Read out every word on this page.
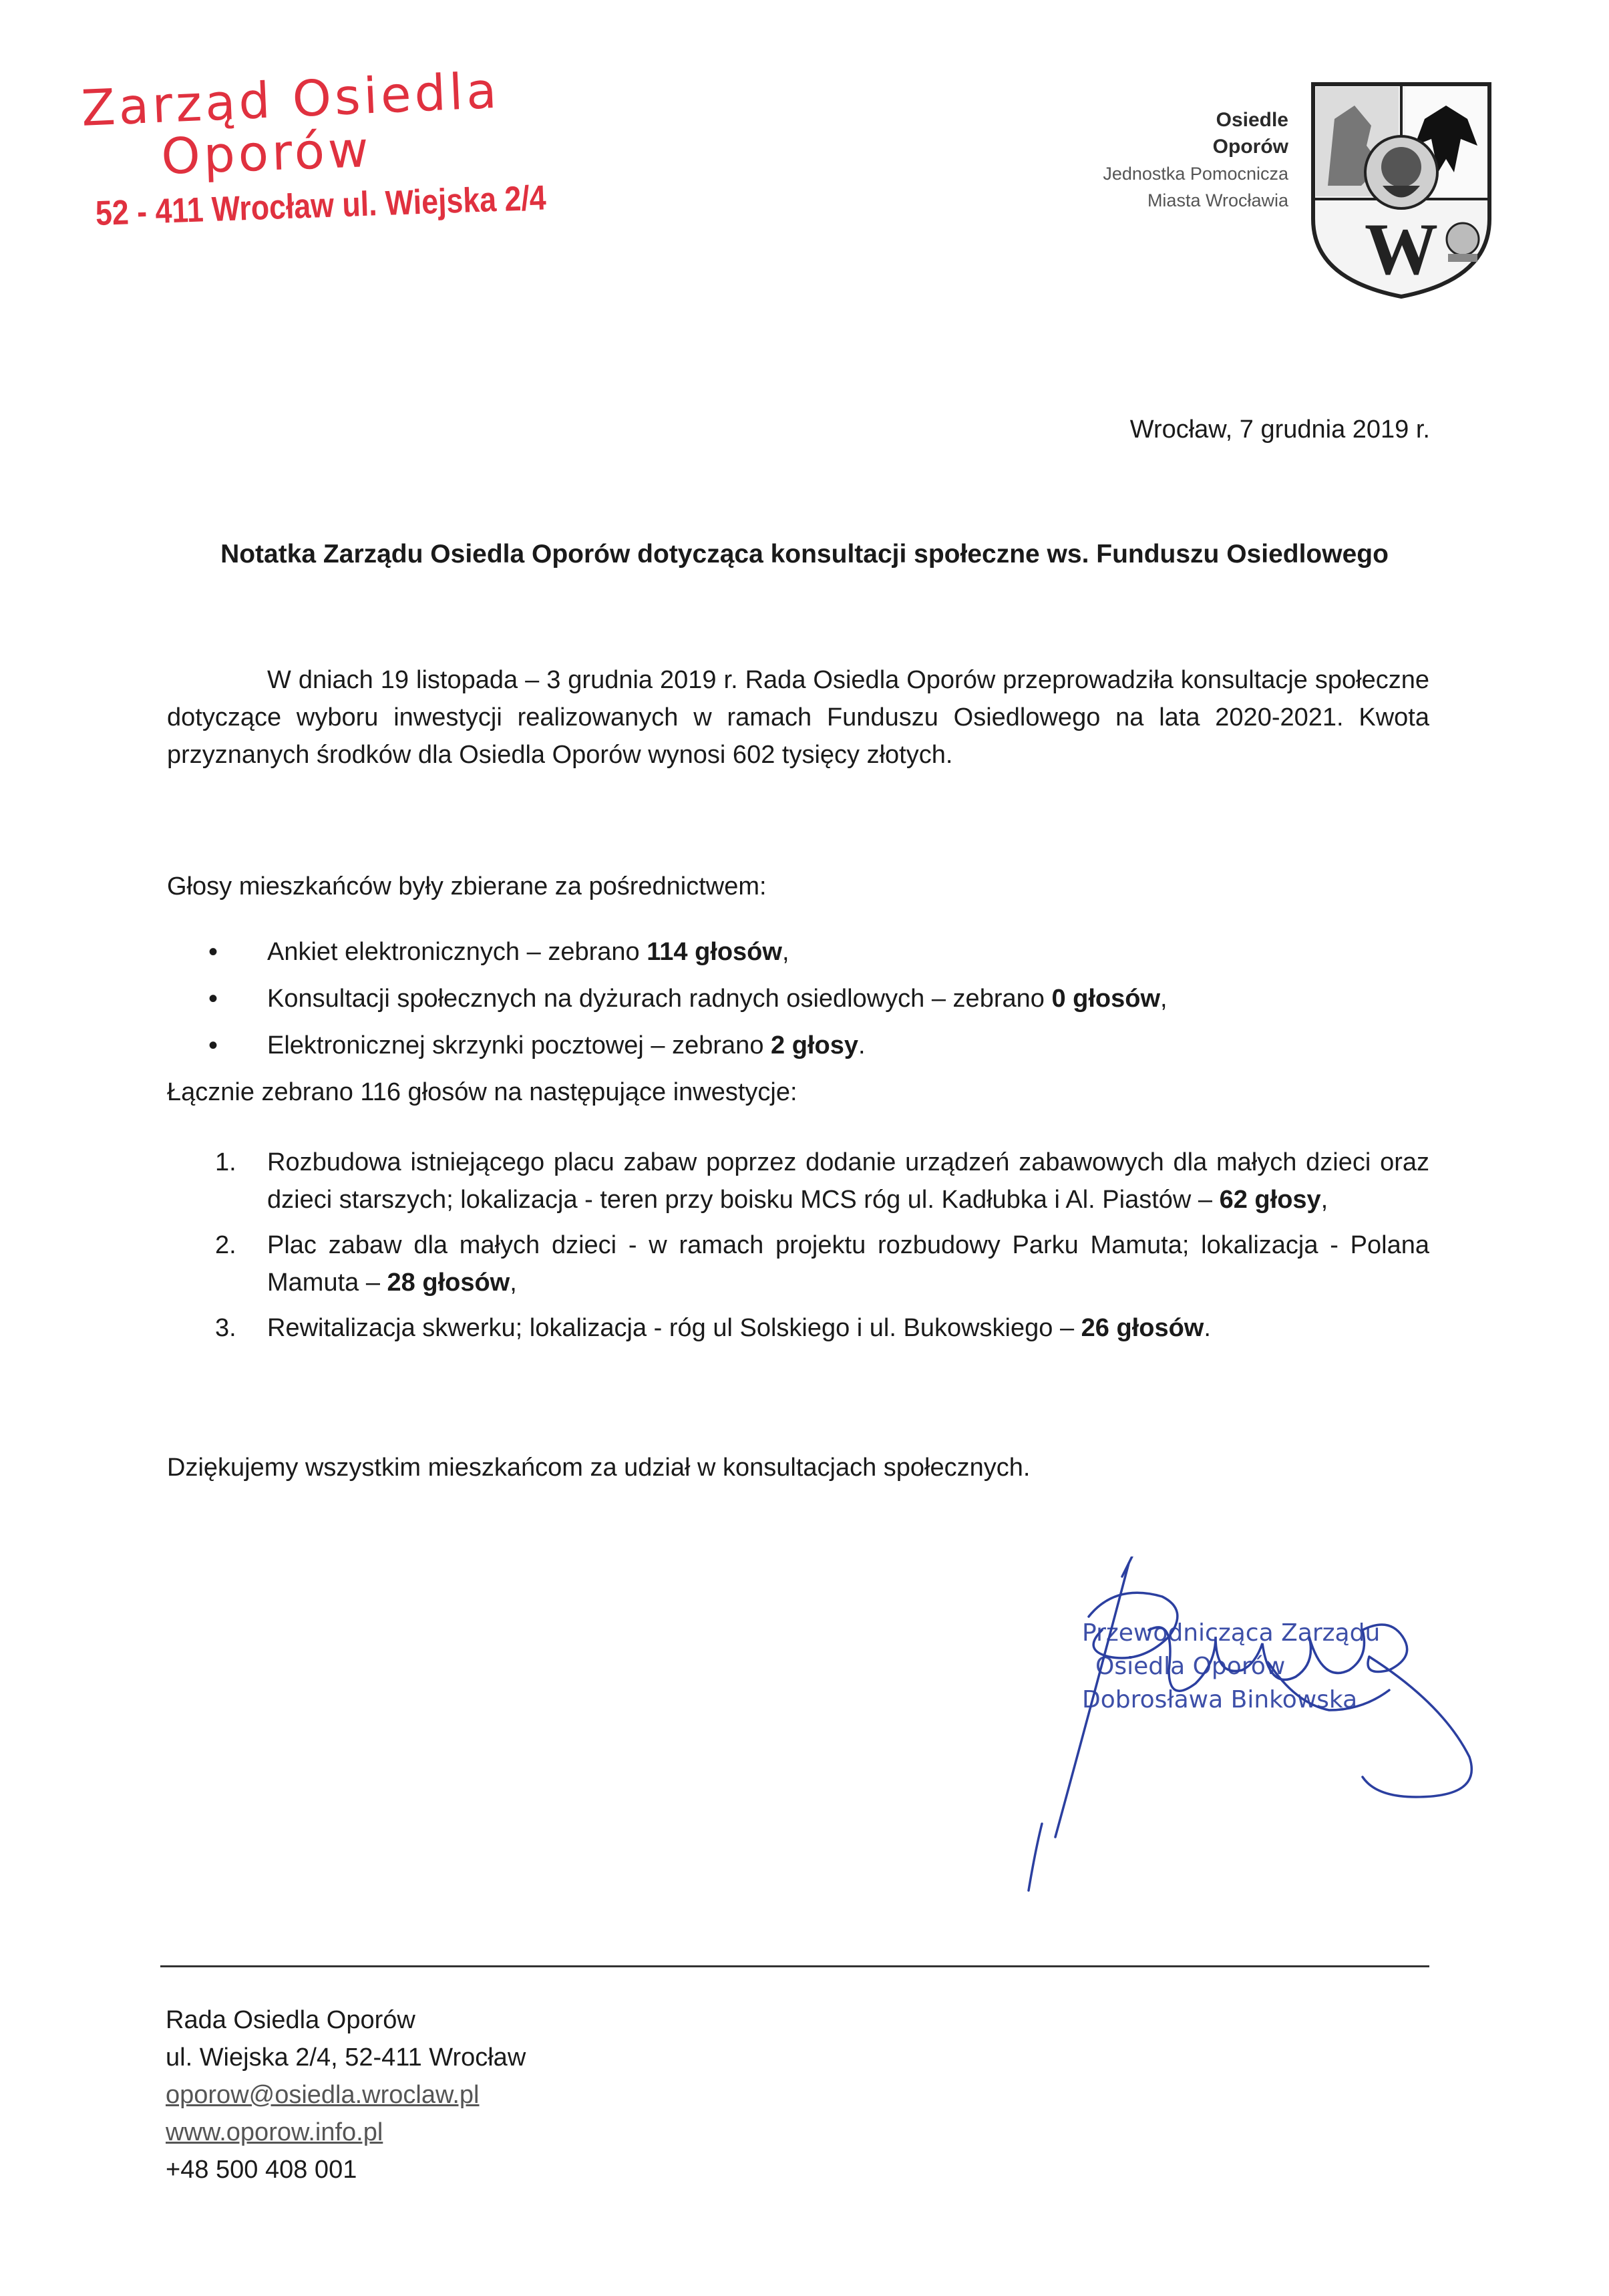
Zarząd Osiedla
Oporów
52 - 411 Wrocław ul. Wiejska 2/4
Osiedle
Oporów
Jednostka Pomocnicza
Miasta Wrocławia
W
Wrocław, 7 grudnia 2019 r.
Notatka Zarządu Osiedla Oporów dotycząca konsultacji społeczne ws. Funduszu Osiedlowego
W dniach 19 listopada – 3 grudnia 2019 r. Rada Osiedla Oporów przeprowadziła konsultacje społeczne dotyczące wyboru inwestycji realizowanych w ramach Funduszu Osiedlowego na lata 2020-2021. Kwota przyznanych środków dla Osiedla Oporów wynosi 602 tysięcy złotych.
Głosy mieszkańców były zbierane za pośrednictwem:
• Ankiet elektronicznych – zebrano 114 głosów,
• Konsultacji społecznych na dyżurach radnych osiedlowych – zebrano 0 głosów,
• Elektronicznej skrzynki pocztowej – zebrano 2 głosy.
Łącznie zebrano 116 głosów na następujące inwestycje:
1. Rozbudowa istniejącego placu zabaw poprzez dodanie urządzeń zabawowych dla małych dzieci oraz dzieci starszych; lokalizacja - teren przy boisku MCS róg ul. Kadłubka i Al. Piastów – 62 głosy,
2. Plac zabaw dla małych dzieci - w ramach projektu rozbudowy Parku Mamuta; lokalizacja - Polana Mamuta – 28 głosów,
3. Rewitalizacja skwerku; lokalizacja - róg ul Solskiego i ul. Bukowskiego – 26 głosów.
Dziękujemy wszystkim mieszkańcom za udział w konsultacjach społecznych.
Przewodnicząca Zarządu
Osiedla Oporów
Dobrosława Binkowska
Rada Osiedla Oporów
ul. Wiejska 2/4, 52-411 Wrocław
oporow@osiedla.wroclaw.pl
www.oporow.info.pl
+48 500 408 001
